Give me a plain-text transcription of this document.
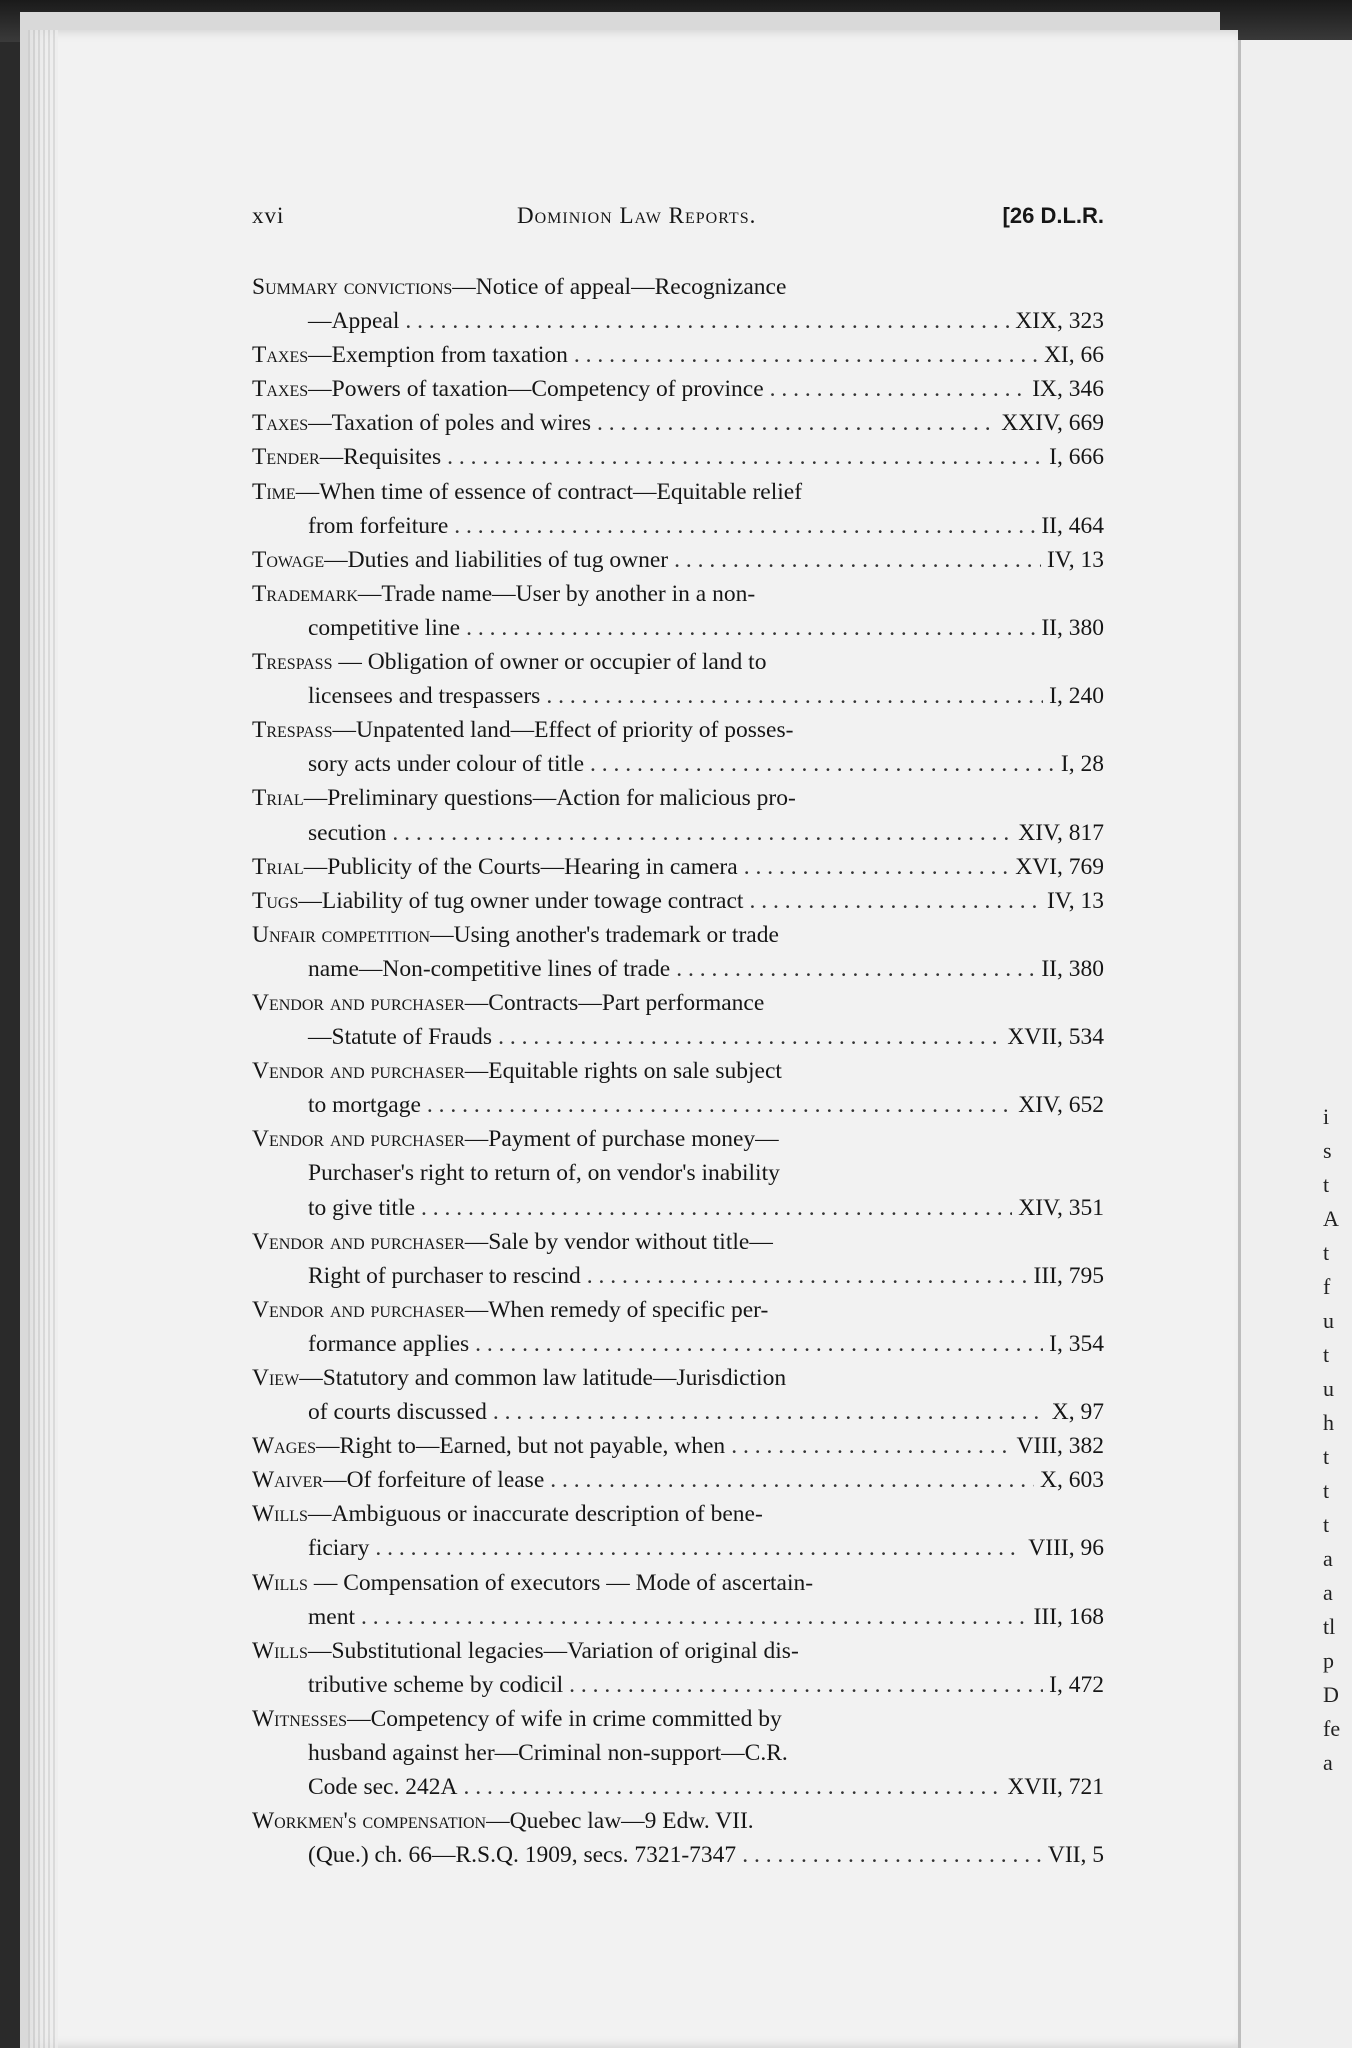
i
s
t
A
t
f
u
t
u
h
t
t
t
a
a
tl
p
D
fe
a
xvi	Dominion Law Reports.	[26 D.L.R.
Summary convictions—Notice of appeal—Recognizance
—Appeal . . .	XIX, 323
Taxes—Exemption from taxation . . .	XI, 66
Taxes—Powers of taxation—Competency of province . . .	IX, 346
Taxes—Taxation of poles and wires . . .	XXIV, 669
Tender—Requisites . . .	I, 666
Time—When time of essence of contract—Equitable relief
from forfeiture . . .	II, 464
Towage—Duties and liabilities of tug owner . . .	IV, 13
Trademark—Trade name—User by another in a non-
competitive line . . .	II, 380
Trespass — Obligation of owner or occupier of land to
licensees and trespassers . . .	I, 240
Trespass—Unpatented land—Effect of priority of posses-
sory acts under colour of title . . .	I, 28
Trial—Preliminary questions—Action for malicious pro-
secution . . .	XIV, 817
Trial—Publicity of the Courts—Hearing in camera . . .	XVI, 769
Tugs—Liability of tug owner under towage contract . . .	IV, 13
Unfair competition—Using another's trademark or trade
name—Non-competitive lines of trade . . .	II, 380
Vendor and purchaser—Contracts—Part performance
—Statute of Frauds . . .	XVII, 534
Vendor and purchaser—Equitable rights on sale subject
to mortgage . . .	XIV, 652
Vendor and purchaser—Payment of purchase money—
Purchaser's right to return of, on vendor's inability
to give title . . .	XIV, 351
Vendor and purchaser—Sale by vendor without title—
Right of purchaser to rescind . . .	III, 795
Vendor and purchaser—When remedy of specific per-
formance applies . . .	I, 354
View—Statutory and common law latitude—Jurisdiction
of courts discussed . . .	X, 97
Wages—Right to—Earned, but not payable, when . . .	VIII, 382
Waiver—Of forfeiture of lease . . .	X, 603
Wills—Ambiguous or inaccurate description of bene-
ficiary . . .	VIII, 96
Wills — Compensation of executors — Mode of ascertain-
ment . . .	III, 168
Wills—Substitutional legacies—Variation of original dis-
tributive scheme by codicil . . .	I, 472
Witnesses—Competency of wife in crime committed by
husband against her—Criminal non-support—C.R.
Code sec. 242A . . .	XVII, 721
Workmen's compensation—Quebec law—9 Edw. VII.
(Que.) ch. 66—R.S.Q. 1909, secs. 7321-7347 . . .	VII, 5
